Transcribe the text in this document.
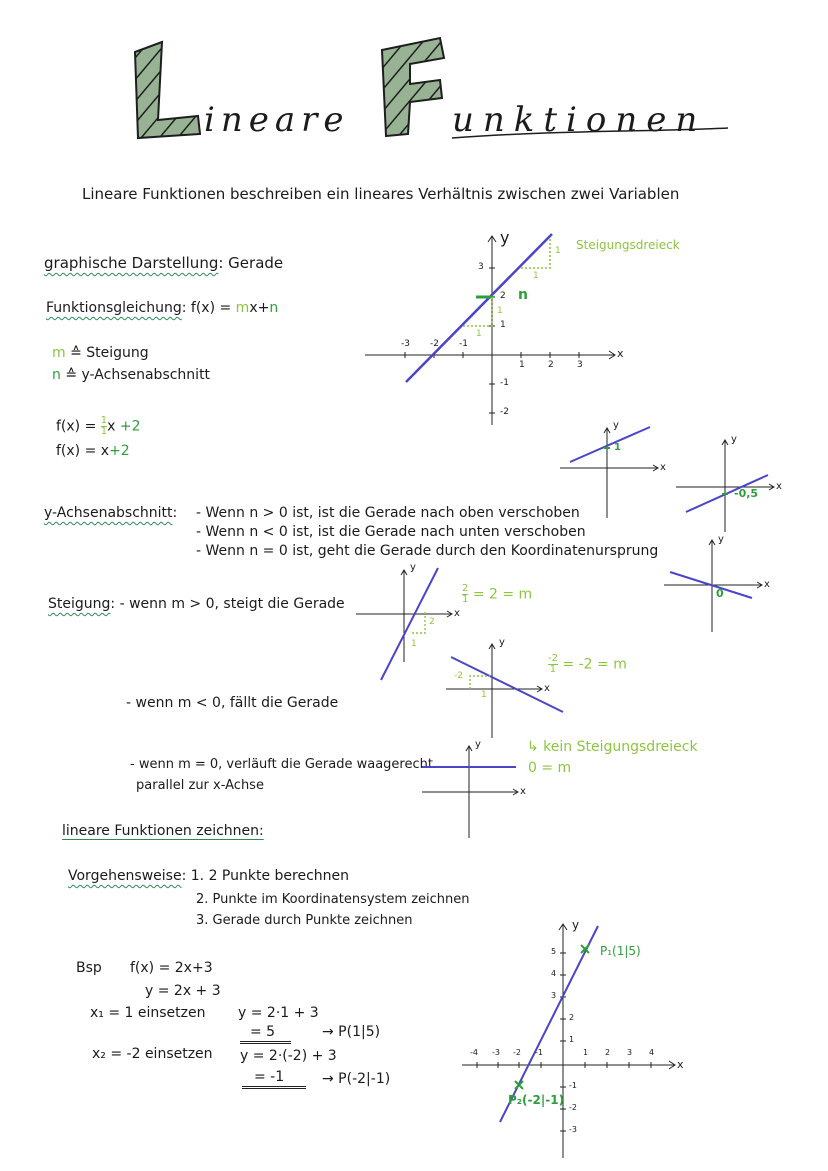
ineare	unktionen
Lineare Funktionen beschreiben ein lineares Verhältnis zwischen zwei Variablen
graphische Darstellung: Gerade
Funktionsgleichung: f(x) = mx+n
m ≙ Steigung
n ≙ y-Achsenabschnitt
$f(x) = \frac{1}{1}$ x +2
f(x) = x+2
y
x
n
Steigungsdreieck
-3 -2 -1
1	2	3
3
2
1
-1
-2
1
1
1
1
y
x
1
y
x
-0,5
y
x
0
y-Achsenabschnitt: - Wenn n > 0 ist, ist die Gerade nach oben verschoben
- Wenn n < 0 ist, ist die Gerade nach unten verschoben
- Wenn n = 0 ist, geht die Gerade durch den Koordinatenursprung
Steigung: - wenn m > 0, steigt die Gerade
- wenn m < 0, fällt die Gerade
- wenn m = 0, verläuft die Gerade waagerecht
parallel zur x-Achse
y
x
2
1	y
x
-2
1
y
x
$\frac{2}{1} = 2 = m$
$\frac{-2}{1} = -2 = m$
↳ kein Steigungsdreieck
0 = m
lineare Funktionen zeichnen:
Vorgehensweise: 1. 2 Punkte berechnen
2. Punkte im Koordinatensystem zeichnen
3. Gerade durch Punkte zeichnen
Bsp f(x) = 2x+3
y = 2x + 3
x₁ = 1 einsetzen y = 2·1 + 3
= 5	→ P(1|5)
x₂ = -2 einsetzen y = 2·(-2) + 3
= -1	→ P(-2|-1)
y
x
P₁(1|5)
P₂(-2|-1)
-4 -3 -2 -1	1 2 3 4
5
4
3
2
1
-1
-2
-3
